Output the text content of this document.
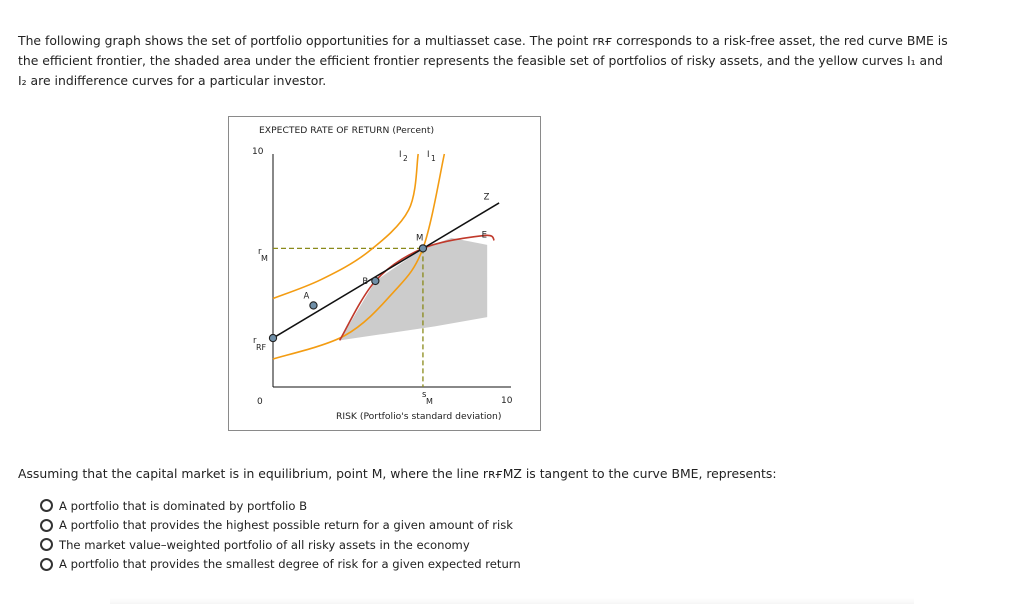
The following graph shows the set of portfolio opportunities for a multiasset case. The point rʀғ corresponds to a risk-free asset, the red curve BME is

the efficient frontier, the shaded area under the efficient frontier represents the feasible set of portfolios of risky assets, and the yellow curves I₁ and

I₂ are indifference curves for a particular investor.

EXPECTED RATE OF RETURN (Percent)
10
0	10
r
M
r
RF
s
M
RISK (Portfolio's standard deviation)
A
B
M	E
Z
I 2 I 1
Assuming that the capital market is in equilibrium, point M, where the line rʀғMZ is tangent to the curve BME, represents:
A portfolio that is dominated by portfolio B
A portfolio that provides the highest possible return for a given amount of risk
The market value–weighted portfolio of all risky assets in the economy
A portfolio that provides the smallest degree of risk for a given expected return
